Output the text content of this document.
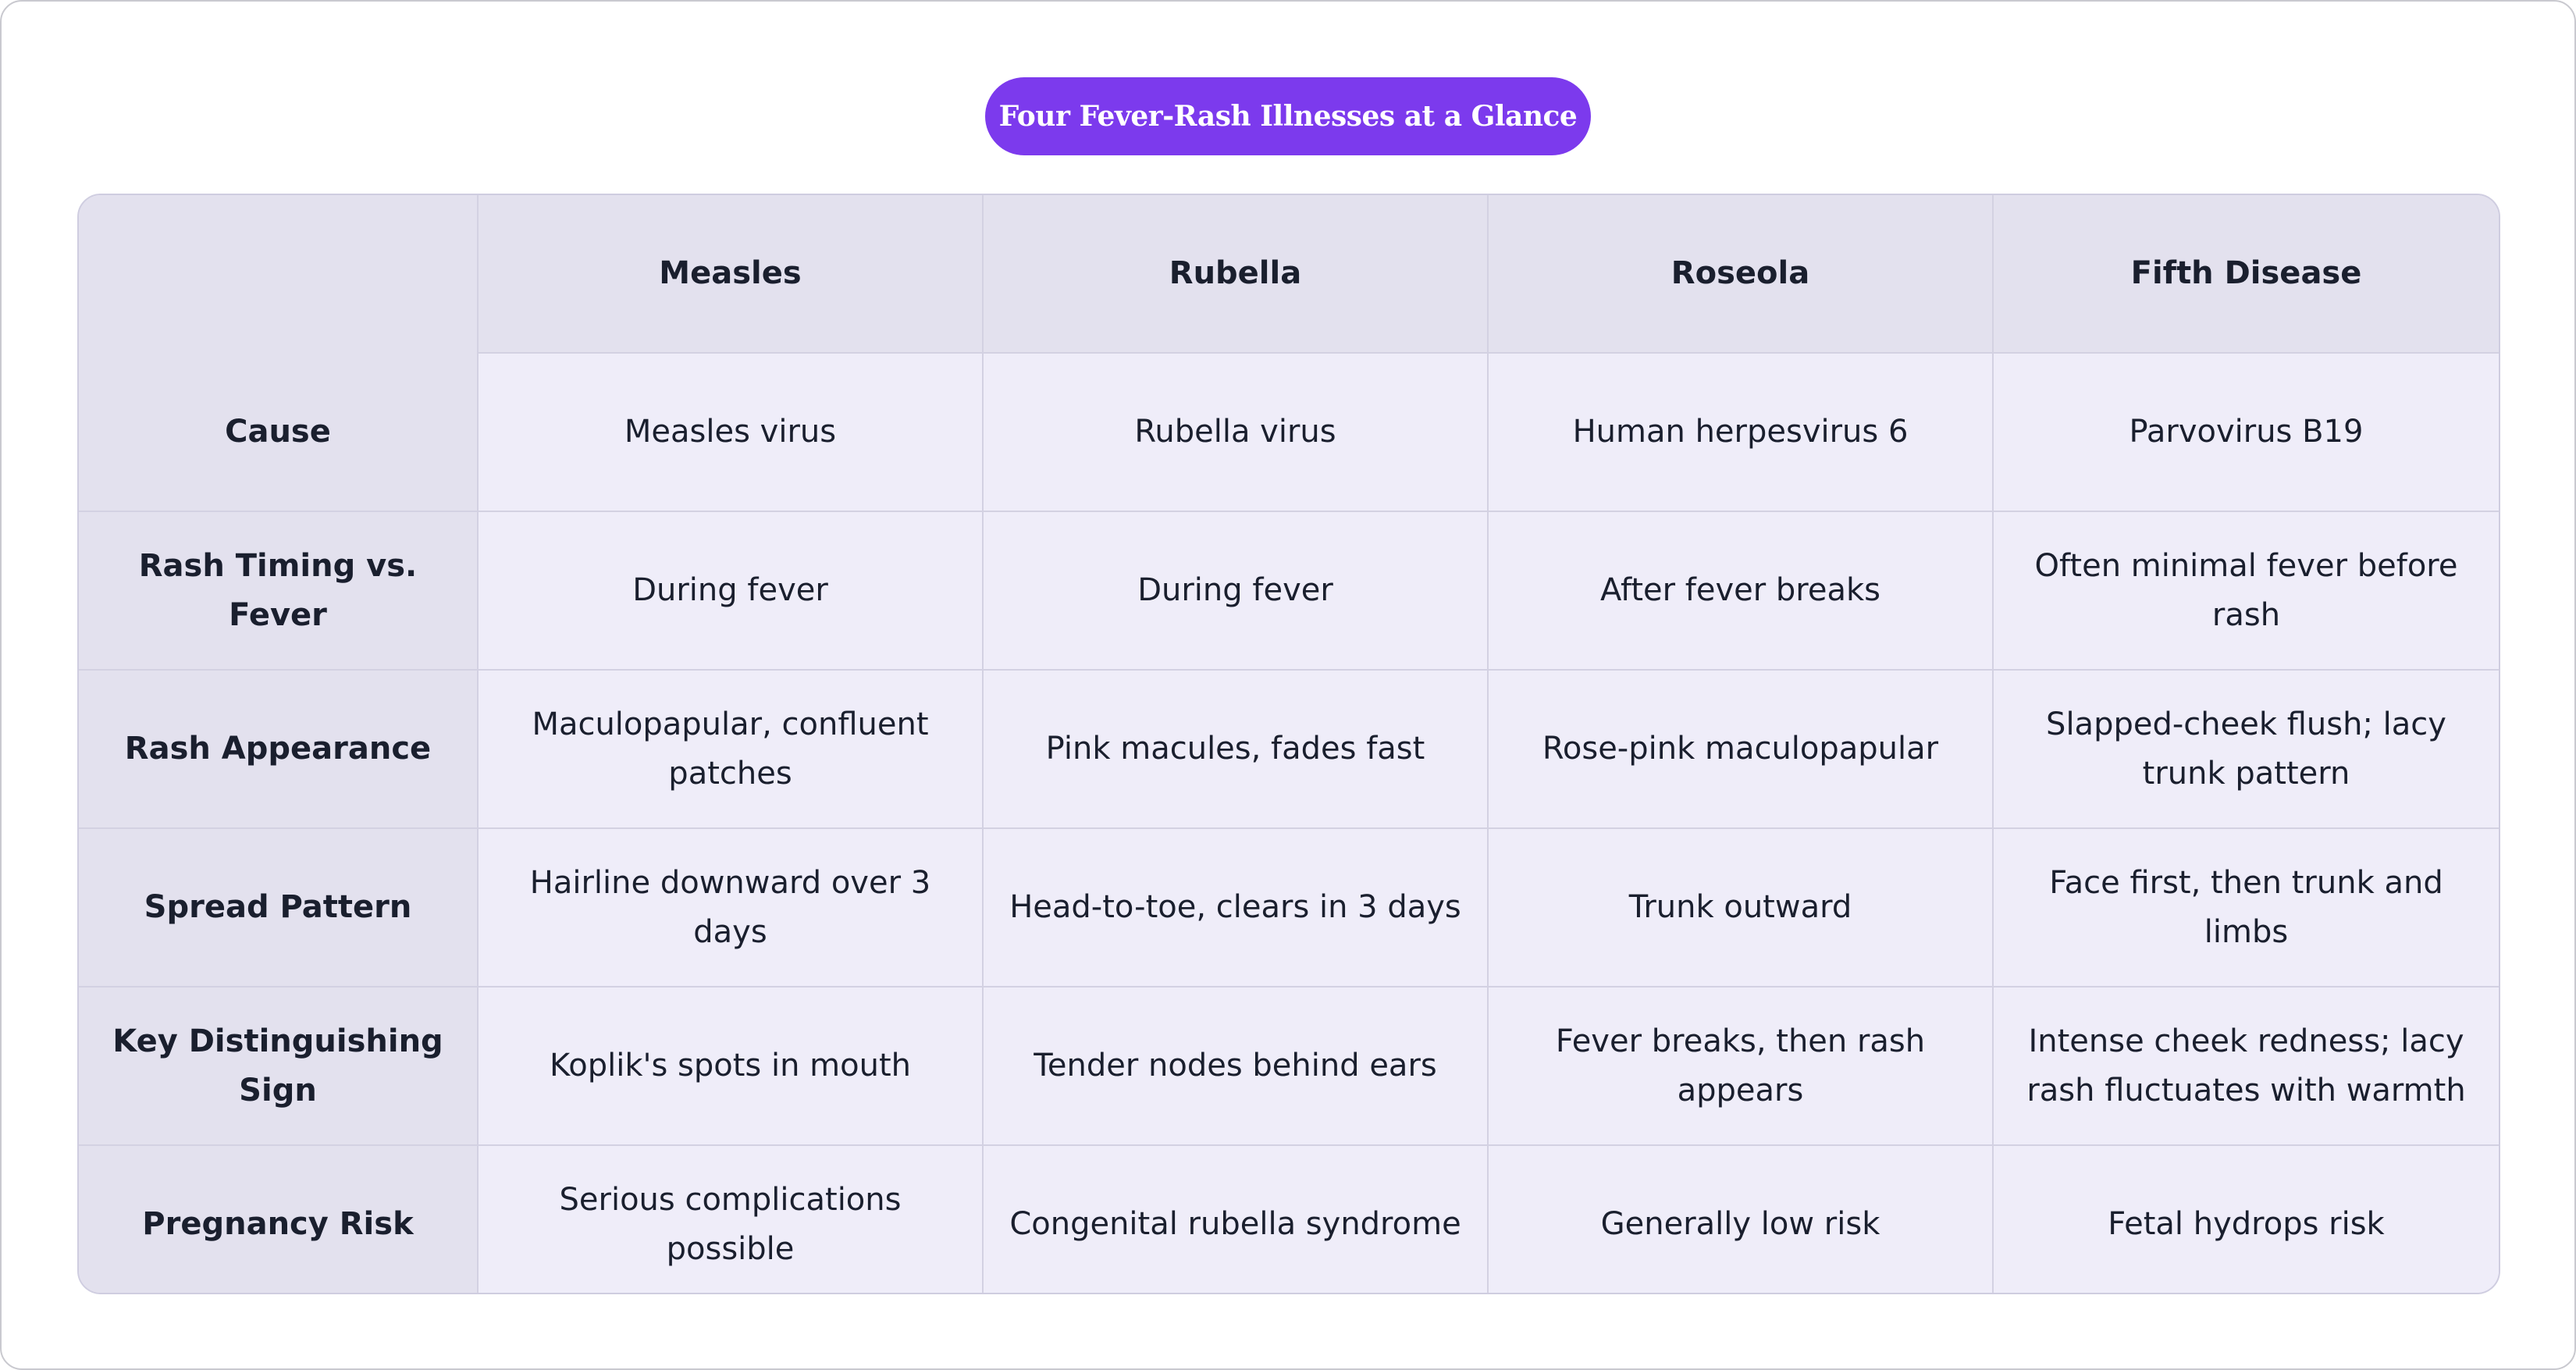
Four Fever-Rash Illnesses at a Glance
	Measles	Rubella	Roseola	Fifth Disease
Cause	Measles virus	Rubella virus	Human herpesvirus 6	Parvovirus B19
Rash Timing vs. Fever	During fever	During fever	After fever breaks	Often minimal fever before rash
Rash Appearance	Maculopapular, confluent patches	Pink macules, fades fast	Rose-pink maculopapular	Slapped-cheek flush; lacy trunk pattern
Spread Pattern	Hairline downward over 3 days	Head-to-toe, clears in 3 days	Trunk outward	Face first, then trunk and limbs
Key Distinguishing Sign	Koplik's spots in mouth	Tender nodes behind ears	Fever breaks, then rash appears	Intense cheek redness; lacy rash fluctuates with warmth
Pregnancy Risk	Serious complications possible	Congenital rubella syndrome	Generally low risk	Fetal hydrops risk
